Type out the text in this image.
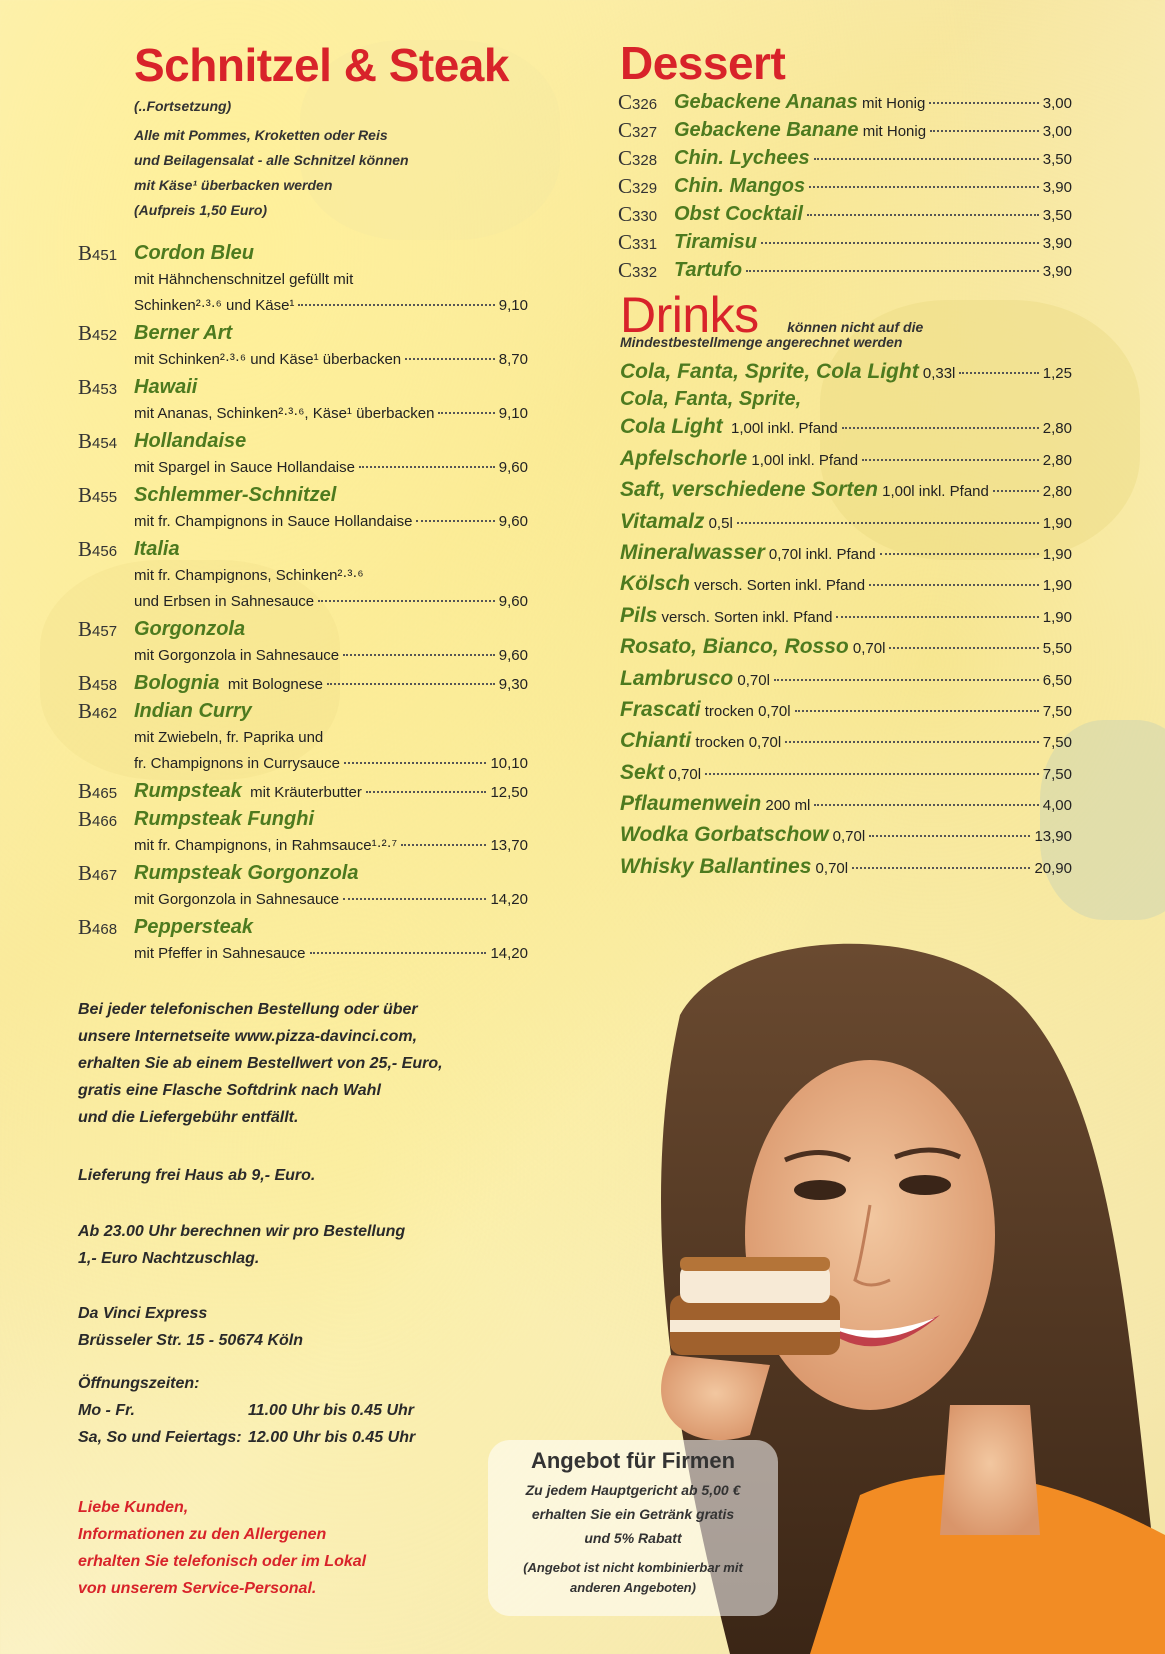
Schnitzel & Steak
(..Fortsetzung)
Alle mit Pommes, Kroketten oder Reis
und Beilagensalat - alle Schnitzel können
mit Käse¹ überbacken werden
(Aufpreis 1,50 Euro)
B451 Cordon Bleu
mit Hähnchenschnitzel gefüllt mit
Schinken²·³·⁶ und Käse¹	9,10
B452 Berner Art
mit Schinken²·³·⁶ und Käse¹ überbacken	8,70
B453 Hawaii
mit Ananas, Schinken²·³·⁶, Käse¹ überbacken	9,10
B454 Hollandaise
mit Spargel in Sauce Hollandaise	9,60
B455 Schlemmer-Schnitzel
mit fr. Champignons in Sauce Hollandaise	9,60
B456 Italia
mit fr. Champignons, Schinken²·³·⁶
und Erbsen in Sahnesauce	9,60
B457 Gorgonzola
mit Gorgonzola in Sahnesauce	9,60
B458 Bolognia mit Bolognese	9,30
B462 Indian Curry
mit Zwiebeln, fr. Paprika und
fr. Champignons in Currysauce	10,10
B465 Rumpsteak mit Kräuterbutter	12,50
B466 Rumpsteak Funghi
mit fr. Champignons, in Rahmsauce¹·²·⁷	13,70
B467 Rumpsteak Gorgonzola
mit Gorgonzola in Sahnesauce	14,20
B468 Peppersteak
mit Pfeffer in Sahnesauce	14,20
Dessert
C326 Gebackene Ananas mit Honig	3,00
C327 Gebackene Banane mit Honig	3,00
C328 Chin. Lychees	3,50
C329 Chin. Mangos	3,90
C330 Obst Cocktail	3,50
C331 Tiramisu	3,90
C332 Tartufo	3,90
Drinks können nicht auf die
Mindestbestellmenge angerechnet werden
Cola, Fanta, Sprite, Cola Light 0,33l	1,25
Cola, Fanta, Sprite,
Cola Light 1,00l inkl. Pfand	2,80
Apfelschorle 1,00l inkl. Pfand	2,80
Saft, verschiedene Sorten 1,00l inkl. Pfand	2,80
Vitamalz 0,5l	1,90
Mineralwasser 0,70l inkl. Pfand	1,90
Kölsch versch. Sorten inkl. Pfand	1,90
Pils versch. Sorten inkl. Pfand	1,90
Rosato, Bianco, Rosso 0,70l	5,50
Lambrusco 0,70l	6,50
Frascati trocken 0,70l	7,50
Chianti trocken 0,70l	7,50
Sekt 0,70l	7,50
Pflaumenwein 200 ml	4,00
Wodka Gorbatschow 0,70l	13,90
Whisky Ballantines 0,70l	20,90
Bei jeder telefonischen Bestellung oder über
unsere Internetseite www.pizza-davinci.com,
erhalten Sie ab einem Bestellwert von 25,- Euro,
gratis eine Flasche Softdrink nach Wahl
und die Liefergebühr entfällt.
Lieferung frei Haus ab 9,- Euro.
Ab 23.00 Uhr berechnen wir pro Bestellung
1,- Euro Nachtzuschlag.
Da Vinci Express
Brüsseler Str. 15 - 50674 Köln
Öffnungszeiten:
Mo - Fr.	11.00 Uhr bis 0.45 Uhr
Sa, So und Feiertags: 12.00 Uhr bis 0.45 Uhr
Liebe Kunden,
Informationen zu den Allergenen
erhalten Sie telefonisch oder im Lokal
von unserem Service-Personal.
Angebot für Firmen
Zu jedem Hauptgericht ab 5,00 €
erhalten Sie ein Getränk gratis
und 5% Rabatt
(Angebot ist nicht kombinierbar mit
anderen Angeboten)
